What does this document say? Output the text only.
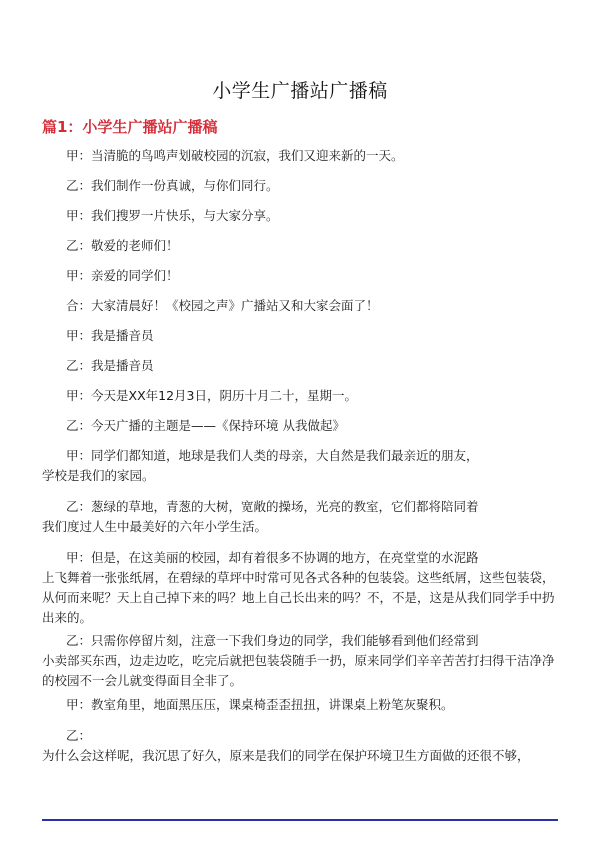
小学生广播站广播稿
篇1：小学生广播站广播稿
甲：当清脆的鸟鸣声划破校园的沉寂，我们又迎来新的一天。
乙：我们制作一份真诚，与你们同行。
甲：我们搜罗一片快乐，与大家分享。
乙：敬爱的老师们！
甲：亲爱的同学们！
合：大家清晨好！《校园之声》广播站又和大家会面了！
甲：我是播音员
乙：我是播音员
甲：今天是XX年12月3日，阴历十月二十，星期一。
乙：今天广播的主题是——《保持环境 从我做起》
甲：同学们都知道，地球是我们人类的母亲，大自然是我们最亲近的朋友，
学校是我们的家园。
乙：葱绿的草地，青葱的大树，宽敞的操场，光亮的教室，它们都将陪同着
我们度过人生中最美好的六年小学生活。
甲：但是，在这美丽的校园，却有着很多不协调的地方，在亮堂堂的水泥路
上飞舞着一张张纸屑，在碧绿的草坪中时常可见各式各种的包装袋。这些纸屑，这些包装袋，从何而来呢？天上自己掉下来的吗？地上自己长出来的吗？不，不是，这是从我们同学手中扔出来的。
乙：只需你停留片刻，注意一下我们身边的同学，我们能够看到他们经常到
小卖部买东西，边走边吃，吃完后就把包装袋随手一扔，原来同学们辛辛苦苦打扫得干洁净净的校园不一会儿就变得面目全非了。
甲：教室角里，地面黑压压，课桌椅歪歪扭扭，讲课桌上粉笔灰聚积。
乙：
为什么会这样呢，我沉思了好久，原来是我们的同学在保护环境卫生方面做的还很不够，
